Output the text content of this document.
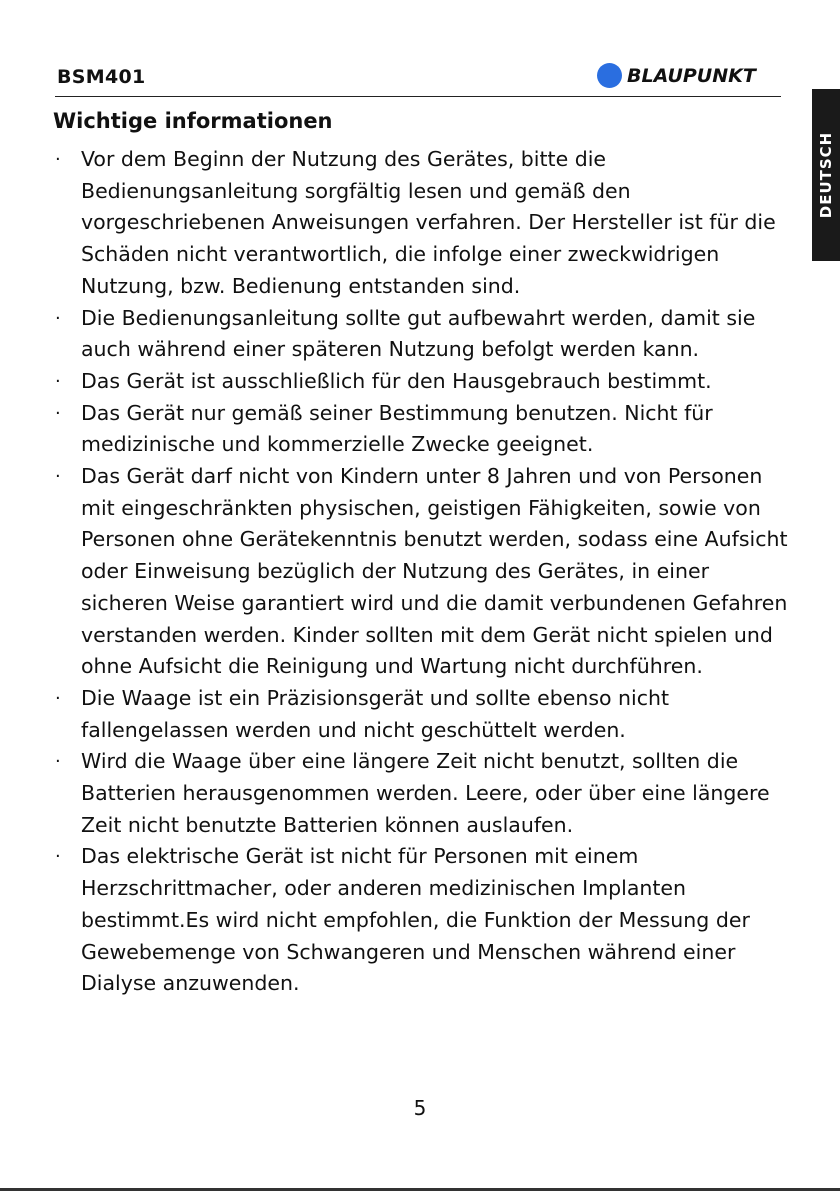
BSM401	BLAUPUNKT
DEUTSCH
Wichtige informationen
· Vor dem Beginn der Nutzung des Gerätes, bitte die Bedienungsanleitung sorgfältig lesen und gemäß den vorgeschriebenen Anweisungen verfahren. Der Hersteller ist für die Schäden nicht verantwortlich, die infolge einer zweckwidrigen Nutzung, bzw. Bedienung entstanden sind.
· Die Bedienungsanleitung sollte gut aufbewahrt werden, damit sie auch während einer späteren Nutzung befolgt werden kann.
· Das Gerät ist ausschließlich für den Hausgebrauch bestimmt.
· Das Gerät nur gemäß seiner Bestimmung benutzen. Nicht für medizinische und kommerzielle Zwecke geeignet.
· Das Gerät darf nicht von Kindern unter 8 Jahren und von Personen mit eingeschränkten physischen, geistigen Fähigkeiten, sowie von Personen ohne Gerätekenntnis benutzt werden, sodass eine Aufsicht oder Einweisung bezüglich der Nutzung des Gerätes, in einer sicheren Weise garantiert wird und die damit verbundenen Gefahren verstanden werden. Kinder sollten mit dem Gerät nicht spielen und ohne Aufsicht die Reinigung und Wartung nicht durchführen.
· Die Waage ist ein Präzisionsgerät und sollte ebenso nicht fallengelassen werden und nicht geschüttelt werden.
· Wird die Waage über eine längere Zeit nicht benutzt, sollten die Batterien herausgenommen werden. Leere, oder über eine längere Zeit nicht benutzte Batterien können auslaufen.
· Das elektrische Gerät ist nicht für Personen mit einem Herzschrittmacher, oder anderen medizinischen Implanten bestimmt.Es wird nicht empfohlen, die Funktion der Messung der Gewebemenge von Schwangeren und Menschen während einer Dialyse anzuwenden.
5
